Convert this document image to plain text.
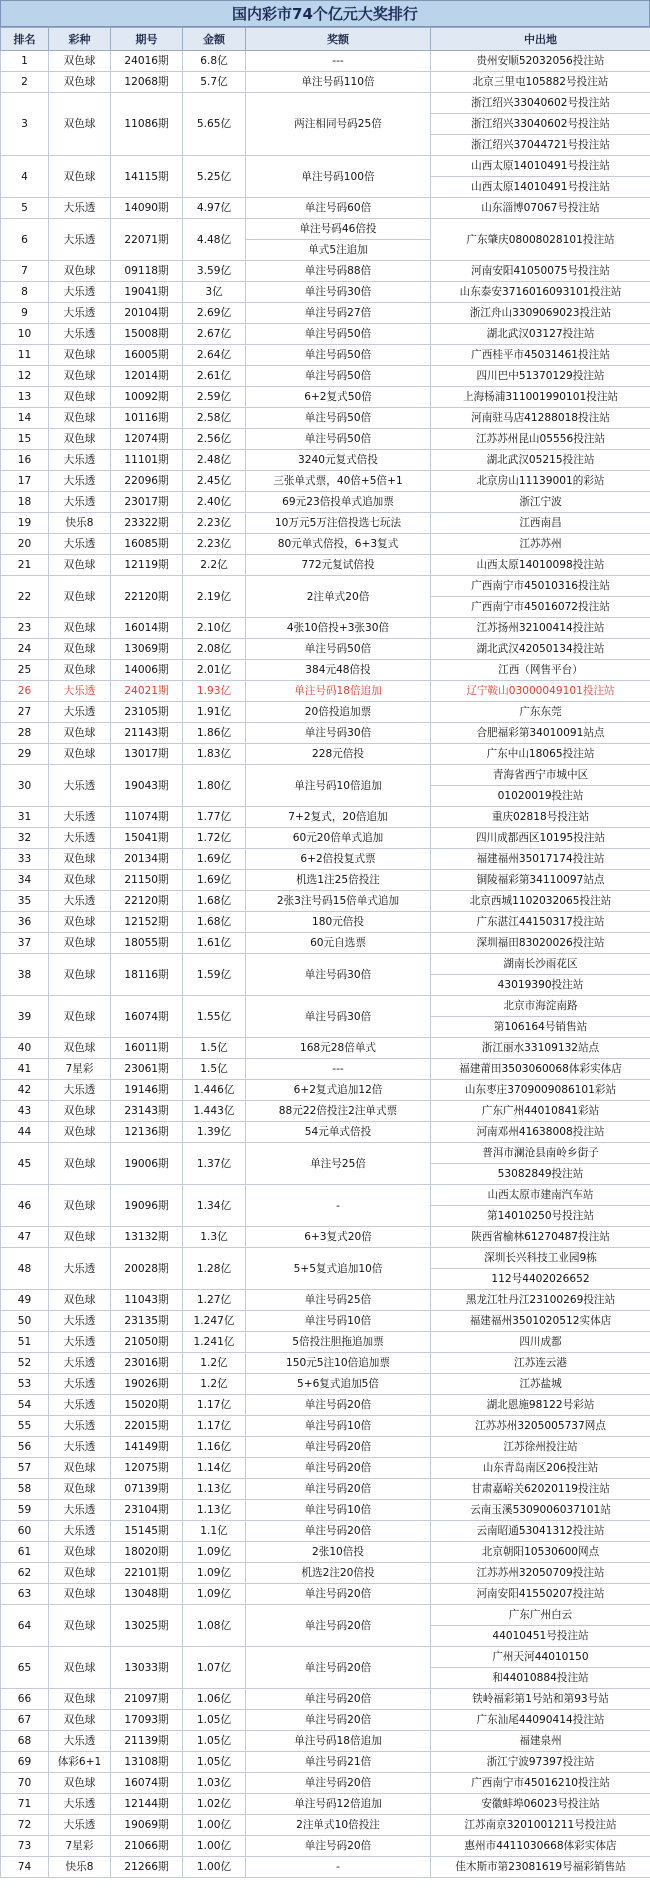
国内彩市74个亿元大奖排行
排名	彩种	期号	金额	奖额	中出地
1	双色球	24016期	6.8亿	---	贵州安顺52032056投注站
2	双色球	12068期	5.7亿	单注号码110倍	北京三里屯105882号投注站
3	双色球	11086期	5.65亿	两注相同号码25倍	浙江绍兴33040602号投注站
					浙江绍兴33040602号投注站
					浙江绍兴37044721号投注站
4	双色球	14115期	5.25亿	单注号码100倍	山西太原14010491号投注站
					山西太原14010491号投注站
5	大乐透	14090期	4.97亿	单注号码60倍	山东淄博07067号投注站
6	大乐透	22071期	4.48亿	单注号码46倍投	广东肇庆08008028101投注站
				单式5注追加	
7	双色球	09118期	3.59亿	单注号码88倍	河南安阳41050075号投注站
8	大乐透	19041期	3亿	单注号码30倍	山东泰安3716016093101投注站
9	大乐透	20104期	2.69亿	单注号码27倍	浙江舟山3309069023投注站
10	大乐透	15008期	2.67亿	单注号码50倍	湖北武汉03127投注站
11	双色球	16005期	2.64亿	单注号码50倍	广西桂平市45031461投注站
12	双色球	12014期	2.61亿	单注号码50倍	四川巴中51370129投注站
13	双色球	10092期	2.59亿	6+2复式50倍	上海杨浦311001990101投注站
14	双色球	10116期	2.58亿	单注号码50倍	河南驻马店41288018投注站
15	双色球	12074期	2.56亿	单注号码50倍	江苏苏州昆山05556投注站
16	大乐透	11101期	2.48亿	3240元复式倍投	湖北武汉05215投注站
17	大乐透	22096期	2.45亿	三张单式票，40倍+5倍+1	北京房山11139001的彩站
18	大乐透	23017期	2.40亿	69元23倍投单式追加票	浙江宁波
19	快乐8	23322期	2.23亿	10万元5万注倍投选七玩法	江西南昌
20	大乐透	16085期	2.23亿	80元单式倍投，6+3复式	江苏苏州
21	双色球	12119期	2.2亿	772元复试倍投	山西太原14010098投注站
22	双色球	22120期	2.19亿	2注单式20倍	广西南宁市45010316投注站
					广西南宁市45016072投注站
23	双色球	16014期	2.10亿	4张10倍投+3张30倍	江苏扬州32100414投注站
24	双色球	13069期	2.08亿	单注号码50倍	湖北武汉42050134投注站
25	双色球	14006期	2.01亿	384元48倍投	江西（网售平台）
26	大乐透	24021期	1.93亿	单注号码18倍追加	辽宁鞍山03000049101投注站
27	大乐透	23105期	1.91亿	20倍投追加票	广东东莞
28	双色球	21143期	1.86亿	单注号码30倍	合肥福彩第34010091站点
29	双色球	13017期	1.83亿	228元倍投	广东中山18065投注站
30	大乐透	19043期	1.80亿	单注号码10倍追加	青海省西宁市城中区
					01020019投注站
31	大乐透	11074期	1.77亿	7+2复式，20倍追加	重庆02818号投注站
32	大乐透	15041期	1.72亿	60元20倍单式追加	四川成都西区10195投注站
33	双色球	20134期	1.69亿	6+2倍投复式票	福建福州35017174投注站
34	双色球	21150期	1.69亿	机选1注25倍投注	铜陵福彩第34110097站点
35	大乐透	22120期	1.68亿	2张3注号码15倍单式追加	北京西城1102032065投注站
36	双色球	12152期	1.68亿	180元倍投	广东湛江44150317投注站
37	双色球	18055期	1.61亿	60元自选票	深圳福田83020026投注站
38	双色球	18116期	1.59亿	单注号码30倍	湖南长沙雨花区
					43019390投注站
39	双色球	16074期	1.55亿	单注号码30倍	北京市海淀南路
					第106164号销售站
40	双色球	16011期	1.5亿	168元28倍单式	浙江丽水33109132站点
41	7星彩	23061期	1.5亿	---	福建莆田3503060068体彩实体店
42	大乐透	19146期	1.446亿	6+2复式追加12倍	山东枣庄3709009086101彩站
43	双色球	23143期	1.443亿	88元22倍投注2注单式票	广东广州44010841彩站
44	双色球	12136期	1.39亿	54元单式倍投	河南邓州41638008投注站
45	双色球	19006期	1.37亿	单注号25倍	普洱市澜沧县南岭乡街子
					53082849投注站
46	双色球	19096期	1.34亿	-	山西太原市建南汽车站
					第14010250号投注站
47	双色球	13132期	1.3亿	6+3复式20倍	陕西省榆林61270487投注站
48	大乐透	20028期	1.28亿	5+5复式追加10倍	深圳长兴科技工业园9栋
					112号4402026652
49	双色球	11043期	1.27亿	单注号码25倍	黑龙江牡丹江23100269投注站
50	大乐透	23135期	1.247亿	单注号码10倍	福建福州3501020512实体店
51	大乐透	21050期	1.241亿	5倍投注胆拖追加票	四川成都
52	大乐透	23016期	1.2亿	150元5注10倍追加票	江苏连云港
53	大乐透	19026期	1.2亿	5+6复式追加5倍	江苏盐城
54	大乐透	15020期	1.17亿	单注号码20倍	湖北恩施98122号彩站
55	大乐透	22015期	1.17亿	单注号码10倍	江苏苏州3205005737网点
56	大乐透	14149期	1.16亿	单注号码20倍	江苏徐州投注站
57	双色球	12075期	1.14亿	单注号码20倍	山东青岛南区206投注站
58	双色球	07139期	1.13亿	单注号码20倍	甘肃嘉峪关62020119投注站
59	大乐透	23104期	1.13亿	单注号码10倍	云南玉溪5309006037101站
60	大乐透	15145期	1.1亿	单注号码20倍	云南昭通53041312投注站
61	双色球	18020期	1.09亿	2张10倍投	北京朝阳10530600网点
62	双色球	22101期	1.09亿	机选2注20倍投	江苏苏州32050709投注站
63	双色球	13048期	1.09亿	单注号码20倍	河南安阳41550207投注站
64	双色球	13025期	1.08亿	单注号码20倍	广东广州白云
					44010451号投注站
65	双色球	13033期	1.07亿	单注号码20倍	广州天河44010150
					和44010884投注站
66	双色球	21097期	1.06亿	单注号码20倍	铁岭福彩第1号站和第93号站
67	双色球	17093期	1.05亿	单注号码20倍	广东汕尾44090414投注站
68	大乐透	21139期	1.05亿	单注号码18倍追加	福建泉州
69	体彩6+1	13108期	1.05亿	单注号码21倍	浙江宁波97397投注站
70	双色球	16074期	1.03亿	单注号码20倍	广西南宁市45016210投注站
71	大乐透	12144期	1.02亿	单注号码12倍追加	安徽蚌埠06023号投注站
72	大乐透	19069期	1.00亿	2注单式10倍投注	江苏南京3201001211号投注站
73	7星彩	21066期	1.00亿	单注号码20倍	惠州市4411030668体彩实体店
74	快乐8	21266期	1.00亿	-	佳木斯市第23081619号福彩销售站
